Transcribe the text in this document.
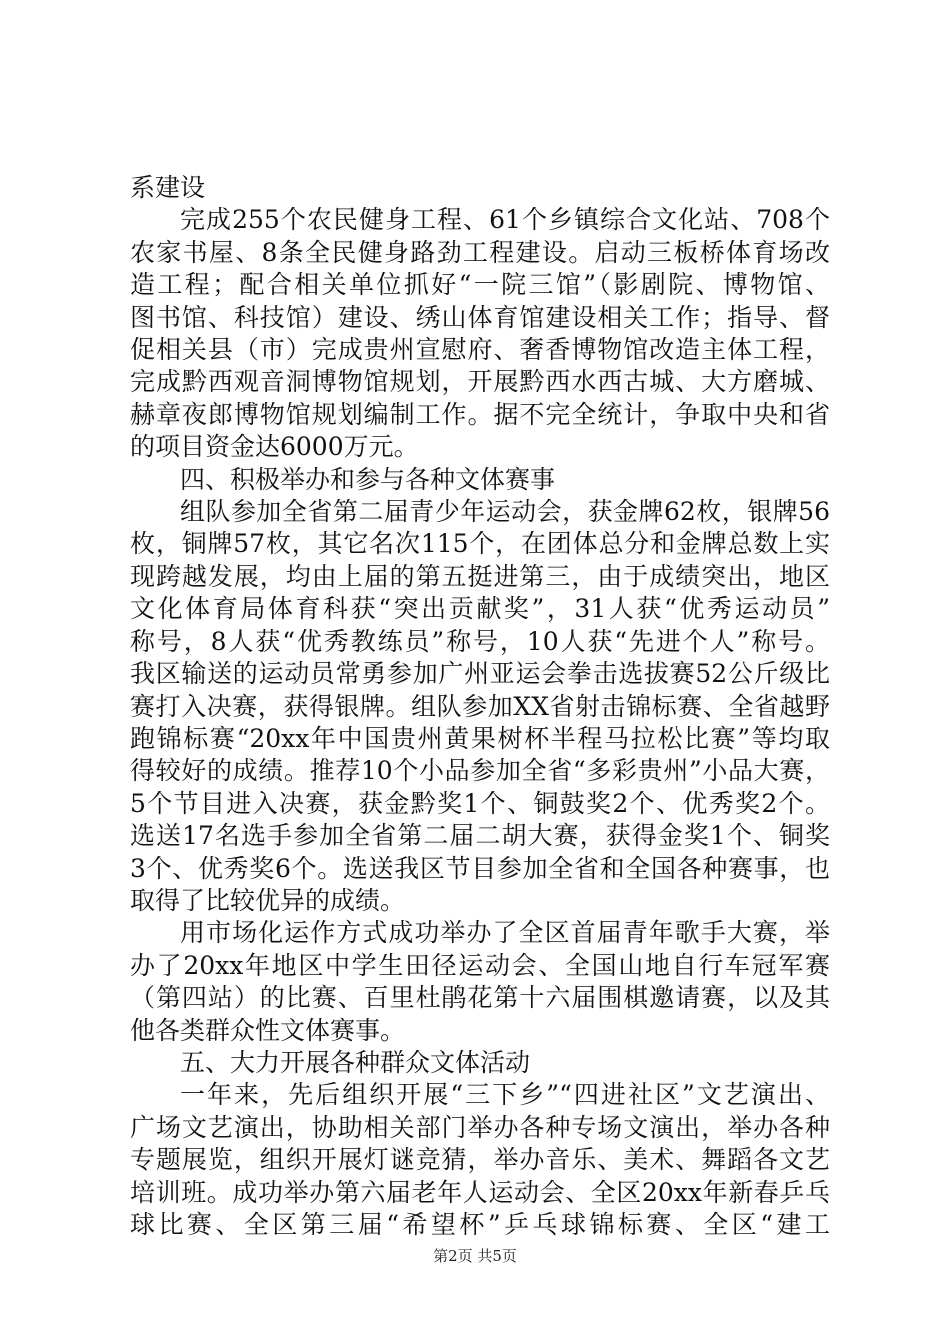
系建设
完成255个农民健身工程、61个乡镇综合文化站、708个
农家书屋、8条全民健身路劲工程建设。启动三板桥体育场改
造工程；配合相关单位抓好“一院三馆”（影剧院、博物馆、
图书馆、科技馆）建设、绣山体育馆建设相关工作；指导、督
促相关县（市）完成贵州宣慰府、奢香博物馆改造主体工程，
完成黔西观音洞博物馆规划，开展黔西水西古城、大方磨城、
赫章夜郎博物馆规划编制工作。据不完全统计，争取中央和省
的项目资金达6000万元。
四、积极举办和参与各种文体赛事
组队参加全省第二届青少年运动会，获金牌62枚，银牌56
枚，铜牌57枚，其它名次115个，在团体总分和金牌总数上实
现跨越发展，均由上届的第五挺进第三，由于成绩突出，地区
文化体育局体育科获“突出贡献奖”，31人获“优秀运动员”
称号，8人获“优秀教练员”称号，10人获“先进个人”称号。
我区输送的运动员常勇参加广州亚运会拳击选拔赛52公斤级比
赛打入决赛，获得银牌。组队参加XX省射击锦标赛、全省越野
跑锦标赛“20xx年中国贵州黄果树杯半程马拉松比赛”等均取
得较好的成绩。推荐10个小品参加全省“多彩贵州”小品大赛，
5个节目进入决赛，获金黔奖1个、铜鼓奖2个、优秀奖2个。
选送17名选手参加全省第二届二胡大赛，获得金奖1个、铜奖
3个、优秀奖6个。选送我区节目参加全省和全国各种赛事，也
取得了比较优异的成绩。
用市场化运作方式成功举办了全区首届青年歌手大赛，举
办了20xx年地区中学生田径运动会、全国山地自行车冠军赛
（第四站）的比赛、百里杜鹃花第十六届围棋邀请赛，以及其
他各类群众性文体赛事。
五、大力开展各种群众文体活动
一年来，先后组织开展“三下乡”“四进社区”文艺演出、
广场文艺演出，协助相关部门举办各种专场文演出，举办各种
专题展览，组织开展灯谜竞猜，举办音乐、美术、舞蹈各文艺
培训班。成功举办第六届老年人运动会、全区20xx年新春乒乓
球比赛、全区第三届“希望杯”乒乓球锦标赛、全区“建工
第2页 共5页
